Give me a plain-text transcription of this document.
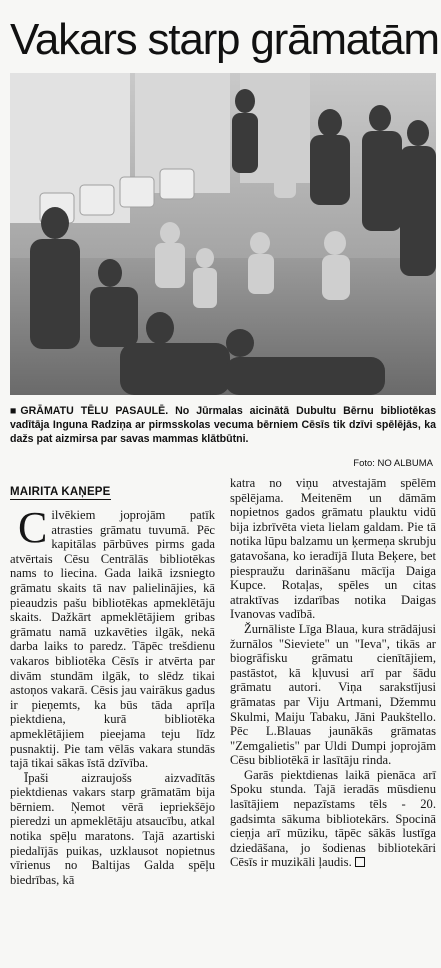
Vakars starp grāmatām
■GRĀMATU TĒLU PASAULĒ. No Jūrmalas aicinātā Dubultu Bērnu bibliotēkas vadītāja Inguna Radziņa ar pirmsskolas vecuma bērniem Cēsīs tik dzīvi spēlējās, ka dažs pat aizmirsa par savas mammas klātbūtni.
Foto: NO ALBUMA
MAIRITA KAŅEPE

Cilvēkiem joprojām patīk atrasties grāmatu tuvumā. Pēc kapitālas pārbūves pirms gada atvērtais Cēsu Centrālās bibliotēkas nams to liecina. Gada laikā izsniegto grāmatu skaits tā nav palielinājies, kā pieaudzis pašu bibliotēkas apmeklētāju skaits. Dažkārt apmeklētājiem gribas grāmatu namā uzkavēties ilgāk, nekā darba laiks to paredz. Tāpēc trešdienu vakaros bibliotēka Cēsīs ir atvērta par divām stundām ilgāk, to slēdz tikai astoņos vakarā. Cēsis jau vairākus gadus ir pieņemts, ka būs tāda aprīļa piektdiena, kurā bibliotēka apmeklētājiem pieejama teju līdz pusnaktij. Pie tam vēlās vakara stundās tajā tikai sākas īstā dzīvība.

Īpaši aizraujošs aizvadītās piektdienas vakars starp grāmatām bija bērniem. Ņemot vērā iepriekšējo pieredzi un apmeklētāju atsaucību, atkal notika spēļu maratons. Tajā azartiski piedalījās puikas, uzklausot nopietnus vīrienus no Baltijas Galda spēļu biedrības, kā

katra no viņu atvestajām spēlēm spēlējama. Meitenēm un dāmām nopietnos gados grāmatu plauktu vidū bija izbrīvēta vieta lielam galdam. Pie tā notika lūpu balzamu un ķermeņa skrubju gatavošana, ko ieradījā Iluta Beķere, bet piespraužu darināšanu mācīja Daiga Kupce. Rotaļas, spēles un citas atraktīvas izdarības notika Daigas Ivanovas vadībā.

Žurnāliste Līga Blaua, kura strādājusi žurnālos "Sieviete" un "Ieva", tikās ar biogrāfisku grāmatu cienītājiem, pastāstot, kā kļuvusi arī par šādu grāmatu autori. Viņa sarakstījusi grāmatas par Viju Artmani, Džemmu Skulmi, Maiju Tabaku, Jāni Paukštello. Pēc L.Blauas jaunākās grāmatas "Zemgalietis" par Uldi Dumpi joprojām Cēsu bibliotēkā ir lasītāju rinda.

Garās piektdienas laikā pienāca arī Spoku stunda. Tajā ieradās mūsdienu lasītājiem nepazīstams tēls - 20. gadsimta sākuma bibliotekārs. Spocinā cieņja arī mūziku, tāpēc sākās lustīga dziedāšana, jo šodienas bibliotekāri Cēsīs ir muzikāli ļaudis.
